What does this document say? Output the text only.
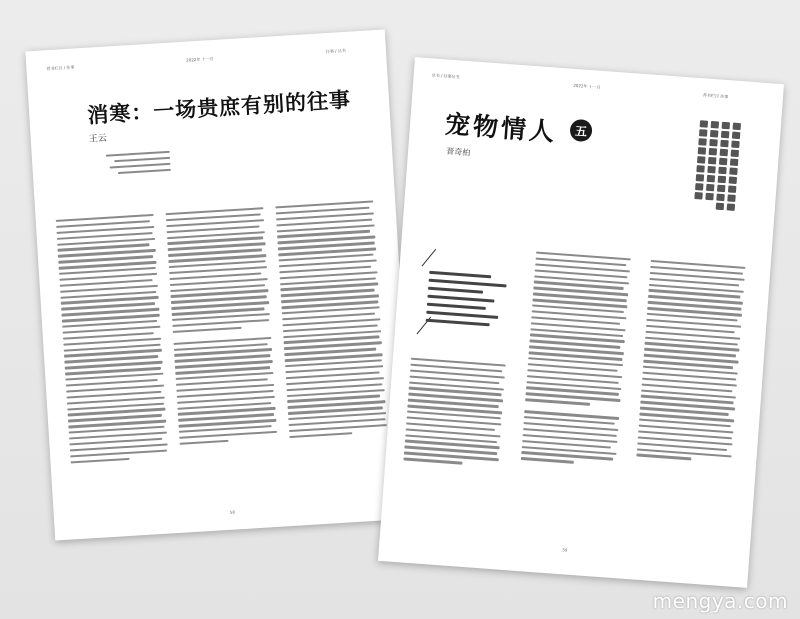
荐书栏目 / 往事
2022年 十一月
往事 / 丛书
消寒：一场贵庶有别的往事
王云
58
丛书 / 往事丛书
2022年 十一月
荐书栏目 往事
宠物情人	五
晋奇柏
59
mengya.com
